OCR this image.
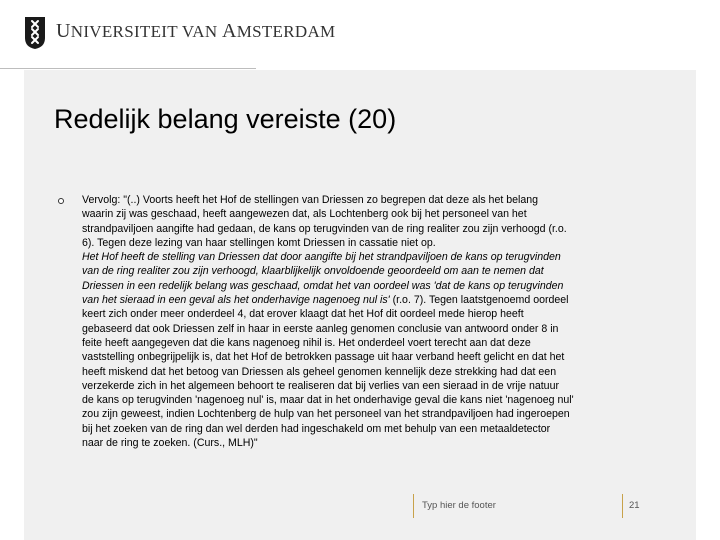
UNIVERSITEIT VAN AMSTERDAM
Redelijk belang vereiste (20)
Vervolg: "(..) Voorts heeft het Hof de stellingen van Driessen zo begrepen dat deze als het belang
waarin zij was geschaad, heeft aangewezen dat, als Lochtenberg ook bij het personeel van het
strandpaviljoen aangifte had gedaan, de kans op terugvinden van de ring realiter zou zijn verhoogd (r.o.
6). Tegen deze lezing van haar stellingen komt Driessen in cassatie niet op.
Het Hof heeft de stelling van Driessen dat door aangifte bij het strandpaviljoen de kans op terugvinden
van de ring realiter zou zijn verhoogd, klaarblijkelijk onvoldoende geoordeeld om aan te nemen dat
Driessen in een redelijk belang was geschaad, omdat het van oordeel was 'dat de kans op terugvinden
van het sieraad in een geval als het onderhavige nagenoeg nul is' (r.o. 7). Tegen laatstgenoemd oordeel
keert zich onder meer onderdeel 4, dat erover klaagt dat het Hof dit oordeel mede hierop heeft
gebaseerd dat ook Driessen zelf in haar in eerste aanleg genomen conclusie van antwoord onder 8 in
feite heeft aangegeven dat die kans nagenoeg nihil is. Het onderdeel voert terecht aan dat deze
vaststelling onbegrijpelijk is, dat het Hof de betrokken passage uit haar verband heeft gelicht en dat het
heeft miskend dat het betoog van Driessen als geheel genomen kennelijk deze strekking had dat een
verzekerde zich in het algemeen behoort te realiseren dat bij verlies van een sieraad in de vrije natuur
de kans op terugvinden 'nagenoeg nul' is, maar dat in het onderhavige geval die kans niet 'nagenoeg nul'
zou zijn geweest, indien Lochtenberg de hulp van het personeel van het strandpaviljoen had ingeroepen
bij het zoeken van de ring dan wel derden had ingeschakeld om met behulp van een metaaldetector
naar de ring te zoeken. (Curs., MLH)"
Typ hier de footer	21
